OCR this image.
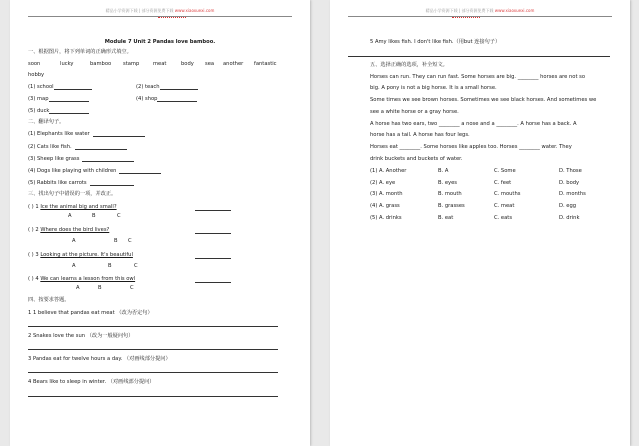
精品小学资源下载 | 部分资源免费下载 www.xiaoxuexi.com
Module 7 Unit 2 Pandas love bamboo.
一、根据图片，将下列单词的正确形式填空。
soon	lucky	bamboo stamp	meat	body sea another fantastic
hobby
(1) school	(2) teach
(3) map	(4) shop
(5) duck
二、翻译句子。
(1) Elephants like water
(2) Cats like fish.
(3) Sheep like grass
(4) Dogs like playing with children
(5) Rabbits like carrots
三、找出句子中错误的一项，并改正。
( ) 1 Ice the animal big and small?
A	B	C
( ) 2 Where does the bird lives?
A	B C
( ) 3 Looking at the picture. It's beautiful
A	B	C
( ) 4 We can learns a lesson from this owl
A	B	C
四、按要求答题。
1 1 believe that pandas eat meat （改为否定句）
2 Snakes love the sun （改为一般疑问句）
3 Pandas eat for twelve hours a day. （对画线部分提问）
4 Bears like to sleep in winter. （对画线部分提问）
精品小学资源下载 | 部分资源免费下载 www.xiaoxuexi.com
5 Amy likes fish. I don't like fish.（用but 连接句子）
五、选择正确的选项，补全短文。
Horses can run. They can run fast. Some horses are big. ________ horses are not so
big. A pony is not a big horse. It is a small horse.
Some times we see brown horses. Sometimes we see black horses. And sometimes we
see a white horse or a gray horse.
A horse has two ears, two ________ a nose and a ________. A horse has a back. A
horse has a tail. A horse has four legs.
Horses eat ________. Some horses like apples too. Horses ________ water. They
drink buckets and buckets of water.
(1) A. Another	B. A	C. Some	D. Those
(2) A. eye	B. eyes	C. feet	D. body
(3) A. month	B. mouth	C. mouths	D. months
(4) A. grass	B. grasses	C. meat	D. egg
(5) A. drinks	B. eat	C. eats	D. drink
